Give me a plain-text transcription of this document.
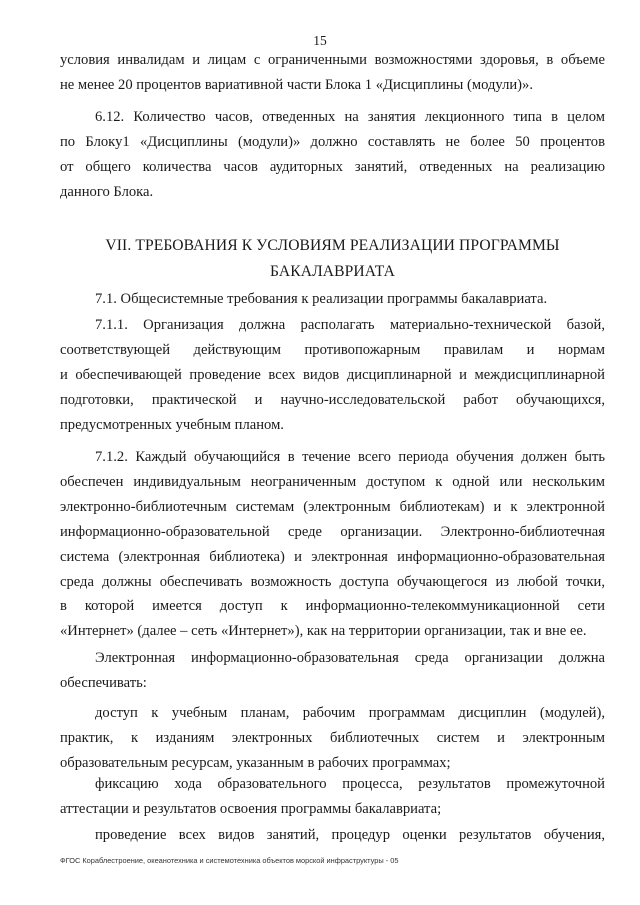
15

условия инвалидам и лицам с ограниченными возможностями здоровья, в объеме

не менее 20 процентов вариативной части Блока 1 «Дисциплины (модули)».

6.12. Количество часов, отведенных на занятия лекционного типа в целом

по Блоку1 «Дисциплины (модули)» должно составлять не более 50 процентов

от общего количества часов аудиторных занятий, отведенных на реализацию

данного Блока.

VII. ТРЕБОВАНИЯ К УСЛОВИЯМ РЕАЛИЗАЦИИ ПРОГРАММЫ

БАКАЛАВРИАТА

7.1. Общесистемные требования к реализации программы бакалавриата.

7.1.1. Организация должна располагать материально-технической базой,

соответствующей действующим противопожарным правилам и нормам

и обеспечивающей проведение всех видов дисциплинарной и междисциплинарной

подготовки, практической и научно-исследовательской работ обучающихся,

предусмотренных учебным планом.

7.1.2. Каждый обучающийся в течение всего периода обучения должен быть

обеспечен индивидуальным неограниченным доступом к одной или нескольким

электронно-библиотечным системам (электронным библиотекам) и к электронной

информационно-образовательной среде организации. Электронно-библиотечная

система (электронная библиотека) и электронная информационно-образовательная

среда должны обеспечивать возможность доступа обучающегося из любой точки,

в которой имеется доступ к информационно-телекоммуникационной сети

«Интернет» (далее – сеть «Интернет»), как на территории организации, так и вне ее.

Электронная информационно-образовательная среда организации должна

обеспечивать:

доступ к учебным планам, рабочим программам дисциплин (модулей),

практик, к изданиям электронных библиотечных систем и электронным

образовательным ресурсам, указанным в рабочих программах;

фиксацию хода образовательного процесса, результатов промежуточной

аттестации и результатов освоения программы бакалавриата;

проведение всех видов занятий, процедур оценки результатов обучения,

ФГОС Кораблестроение, океанотехника и системотехника объектов морской инфраструктуры - 05
